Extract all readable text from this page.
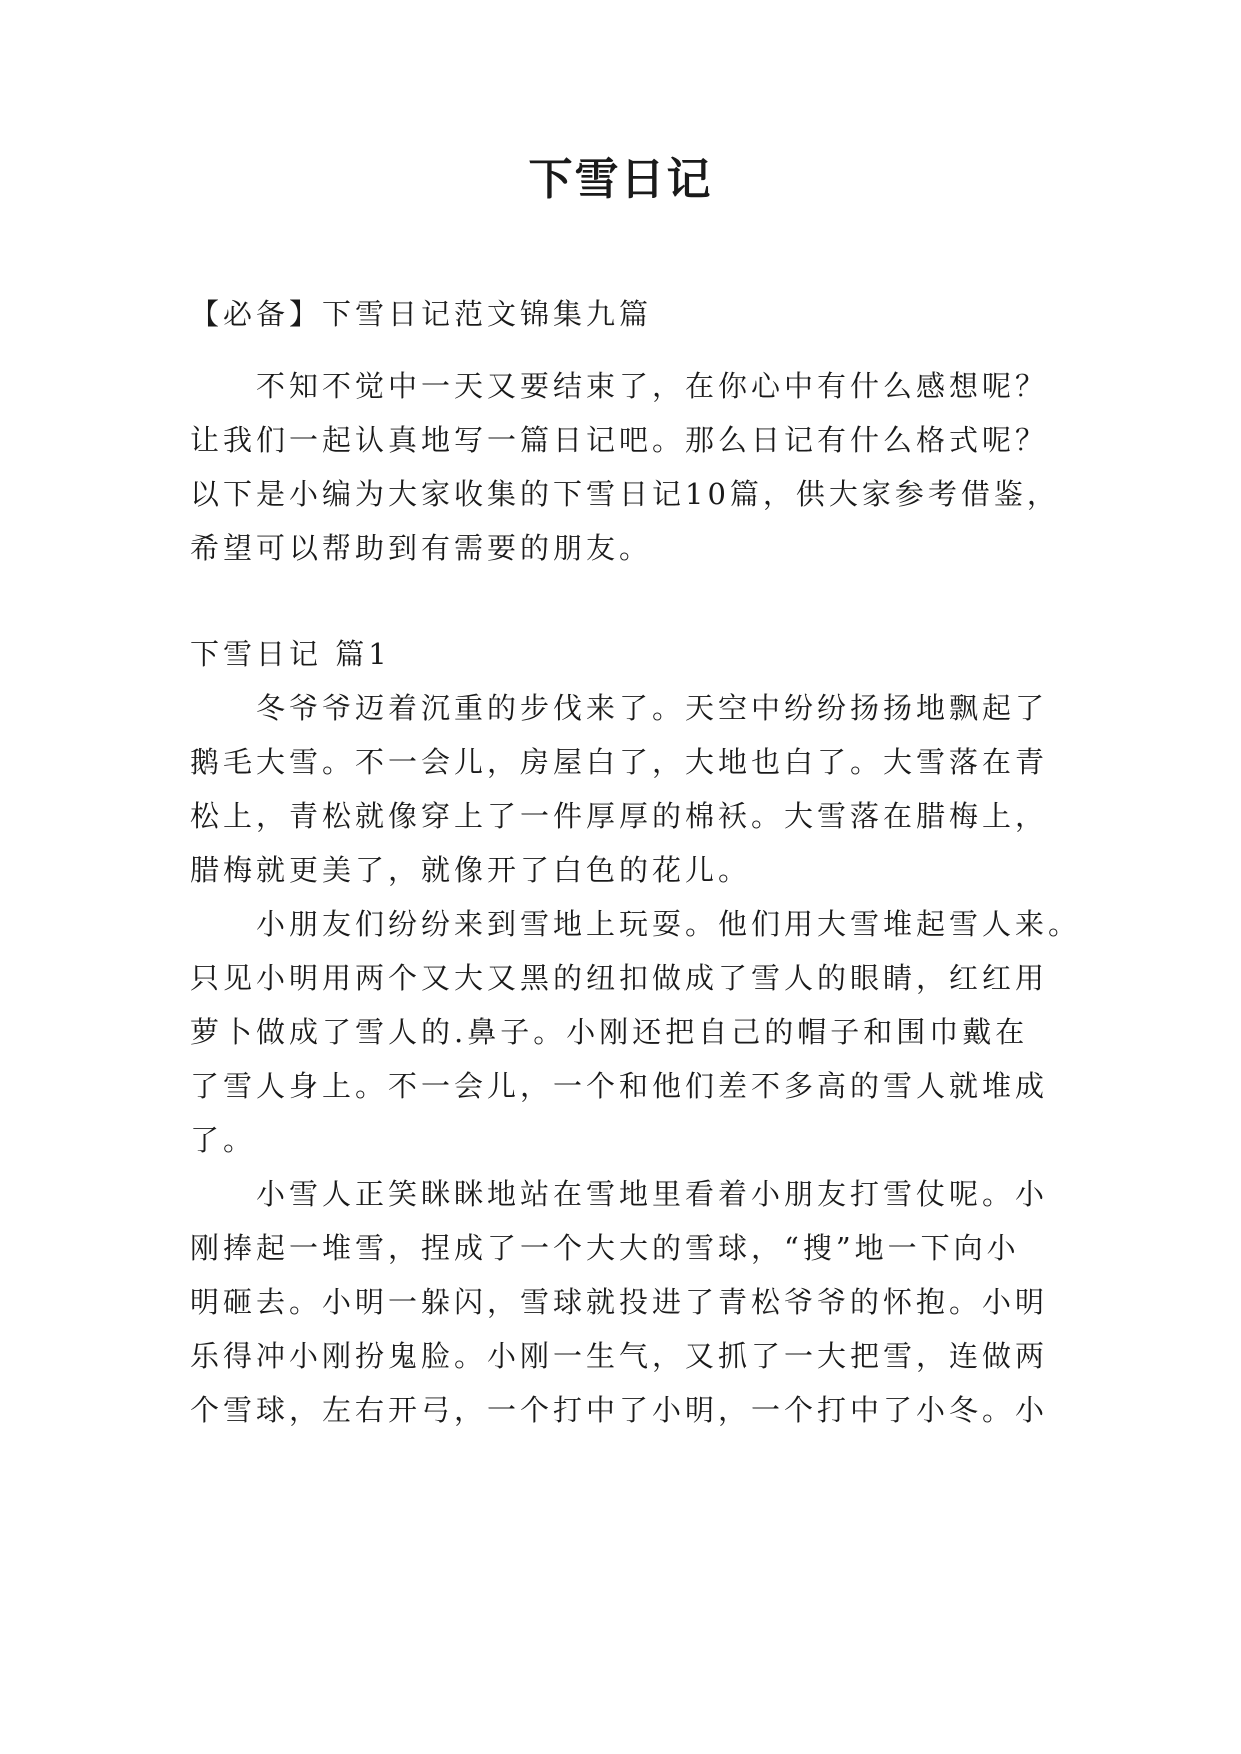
下雪日记
【必备】下雪日记范文锦集九篇
　　不知不觉中一天又要结束了，在你心中有什么感想呢？
让我们一起认真地写一篇日记吧。那么日记有什么格式呢？
以下是小编为大家收集的下雪日记10篇，供大家参考借鉴，
希望可以帮助到有需要的朋友。
下雪日记 篇1
　　冬爷爷迈着沉重的步伐来了。天空中纷纷扬扬地飘起了
鹅毛大雪。不一会儿，房屋白了，大地也白了。大雪落在青
松上，青松就像穿上了一件厚厚的棉袄。大雪落在腊梅上，
腊梅就更美了，就像开了白色的花儿。
　　小朋友们纷纷来到雪地上玩耍。他们用大雪堆起雪人来。
只见小明用两个又大又黑的纽扣做成了雪人的眼睛，红红用
萝卜做成了雪人的.鼻子。小刚还把自己的帽子和围巾戴在
了雪人身上。不一会儿，一个和他们差不多高的雪人就堆成
了。
　　小雪人正笑眯眯地站在雪地里看着小朋友打雪仗呢。小
刚捧起一堆雪，捏成了一个大大的雪球，“搜”地一下向小
明砸去。小明一躲闪，雪球就投进了青松爷爷的怀抱。小明
乐得冲小刚扮鬼脸。小刚一生气，又抓了一大把雪，连做两
个雪球，左右开弓，一个打中了小明，一个打中了小冬。小
